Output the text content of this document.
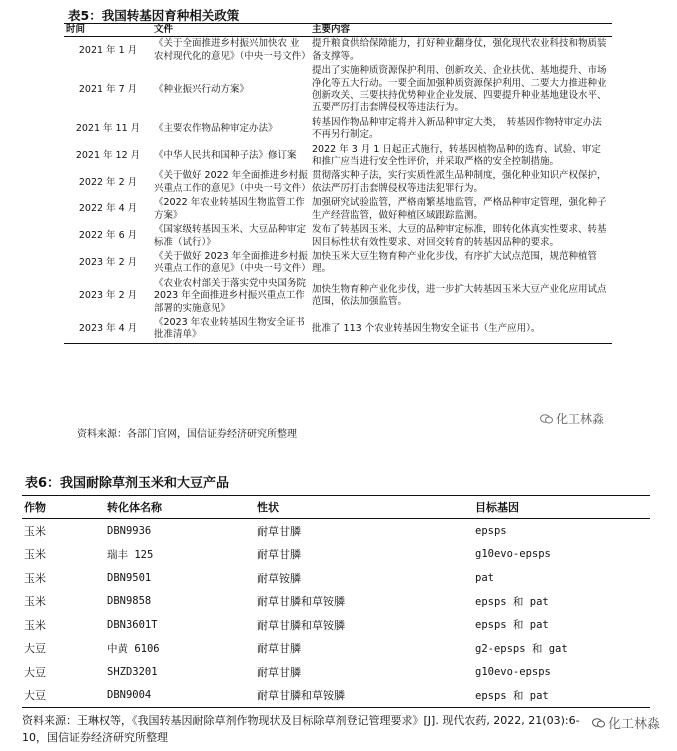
表5：我国转基因育种相关政策
时间	文件	主要内容
2021 年 1 月	《关于全面推进乡村振兴加快农 业农村现代化的意见》（中央一号文件）	提升粮食供给保障能力，打好种业翻身仗，强化现代农业科技和物质装备支撑等。
2021 年 7 月	《种业振兴行动方案》	提出了实施种质资源保护利用、创新攻关、企业扶优、基地提升、市场净化等五大行动。一要全面加强种质资源保护利用、二要大力推进种业创新攻关、三要扶持优势种业企业发展、四要提升种业基地建设水平、五要严厉打击套牌侵权等违法行为。
2021 年 11 月	《主要农作物品种审定办法》	转基因作物品种审定将并入新品种审定大类，　转基因作物特审定办法不再另行制定。
2021 年 12 月	《中华人民共和国种子法》修订案	2022 年 3 月 1 日起正式施行，转基因植物品种的选育、试验、审定和推广应当进行安全性评价，并采取严格的安全控制措施。
2022 年 2 月	《关于做好 2022 年全面推进乡村振兴重点工作的意见》（中央一号文件）	贯彻落实种子法，实行实质性派生品种制度，强化种业知识产权保护，依法严厉打击套牌侵权等违法犯罪行为。
2022 年 4 月	《2022 年农业转基因生物监管工作方案》	加强研究试验监管，严格南繁基地监管，严格品种审定管理，强化种子生产经营监管，做好种植区域跟踪监测。
2022 年 6 月	《国家级转基因玉米、大豆品种审定标准（试行）》	发布了转基因玉米、大豆的品种审定标准，即转化体真实性要求、转基因目标性状有效性要求、对回交转育的转基因品种的要求。
2023 年 2 月	《关于做好 2023 年全面推进乡村振兴重点工作的意见》（中央一号文件）	加快玉米大豆生物育种产业化步伐，有序扩大试点范围，规范种植管理。
2023 年 2 月	《农业农村部关于落实党中央国务院 2023 年全面推进乡村振兴重点工作部署的实施意见》	加快生物育种产业化步伐，进一步扩大转基因玉米大豆产业化应用试点范围，依法加强监管。
2023 年 4 月	《2023 年农业转基因生物安全证书批准清单》	批准了 113 个农业转基因生物安全证书（生产应用）。
资料来源：各部门官网，国信证券经济研究所整理
化工林淼
表6：我国耐除草剂玉米和大豆产品
作物	转化体名称	性状	目标基因
玉米	DBN9936	耐草甘膦	epsps
玉米	瑞丰 125	耐草甘膦	g10evo-epsps
玉米	DBN9501	耐草铵膦	pat
玉米	DBN9858	耐草甘膦和草铵膦	epsps 和 pat
玉米	DBN3601T	耐草甘膦和草铵膦	epsps 和 pat
大豆	中黄 6106	耐草甘膦	g2-epsps 和 gat
大豆	SHZD3201	耐草甘膦	g10evo-epsps
大豆	DBN9004	耐草甘膦和草铵膦	epsps 和 pat
资料来源：王琳权等，《我国转基因耐除草剂作物现状及目标除草剂登记管理要求》[J]. 现代农药, 2022, 21(03):6-10，国信证券经济研究所整理
化工林淼
